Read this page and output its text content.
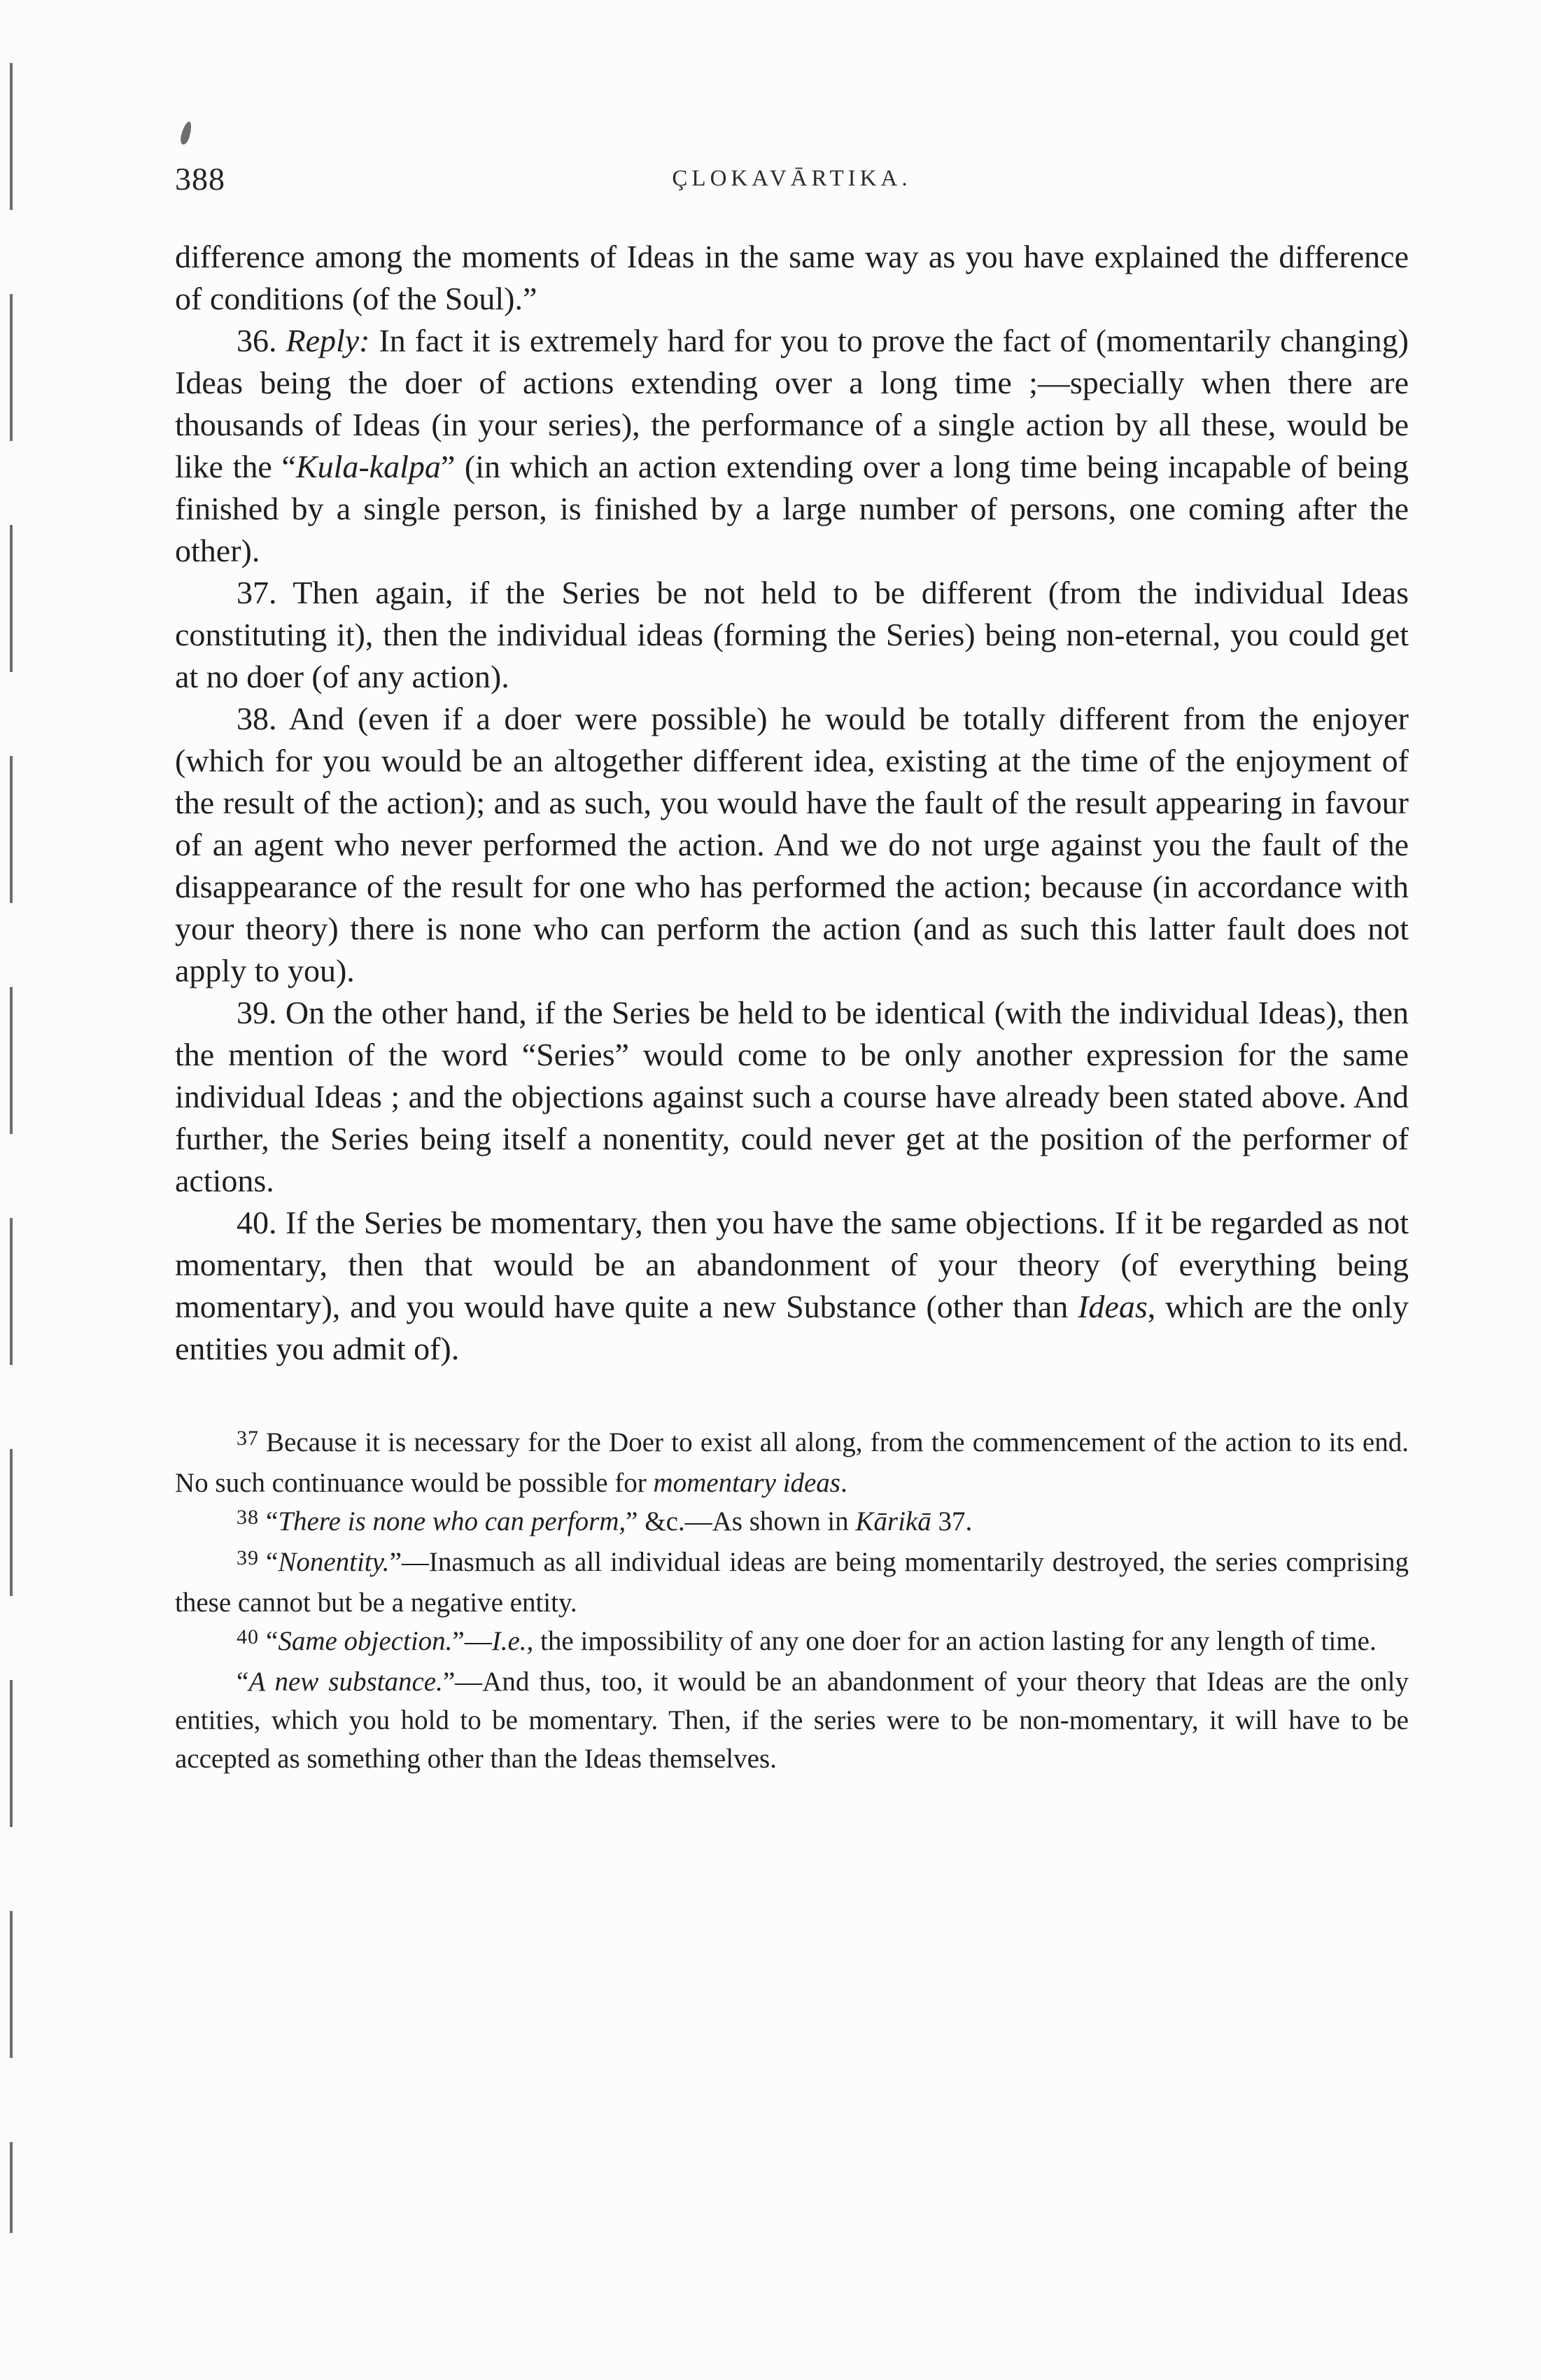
388	ÇLOKAVĀRTIKA.

difference among the moments of Ideas in the same way as you have explained the difference of conditions (of the Soul).”

36. Reply: In fact it is extremely hard for you to prove the fact of (momentarily changing) Ideas being the doer of actions extending over a long time ;—specially when there are thousands of Ideas (in your series), the performance of a single action by all these, would be like the “Kula-kalpa” (in which an action extending over a long time being incapable of being finished by a single person, is finished by a large number of persons, one coming after the other).

37. Then again, if the Series be not held to be different (from the individual Ideas constituting it), then the individual ideas (forming the Series) being non-eternal, you could get at no doer (of any action).

38. And (even if a doer were possible) he would be totally different from the enjoyer (which for you would be an altogether different idea, existing at the time of the enjoyment of the result of the action); and as such, you would have the fault of the result appearing in favour of an agent who never performed the action. And we do not urge against you the fault of the disappearance of the result for one who has performed the action; because (in accordance with your theory) there is none who can perform the action (and as such this latter fault does not apply to you).

39. On the other hand, if the Series be held to be identical (with the individual Ideas), then the mention of the word “Series” would come to be only another expression for the same individual Ideas ; and the objections against such a course have already been stated above. And further, the Series being itself a nonentity, could never get at the position of the performer of actions.

40. If the Series be momentary, then you have the same objections. If it be regarded as not momentary, then that would be an abandonment of your theory (of everything being momentary), and you would have quite a new Substance (other than Ideas, which are the only entities you admit of).

$^{37}$ Because it is necessary for the Doer to exist all along, from the commencement of the action to its end. No such continuance would be possible for momentary ideas.

$^{38}$ “There is none who can perform,” &c.—As shown in Kārikā 37.

$^{39}$ “Nonentity.”—Inasmuch as all individual ideas are being momentarily destroyed, the series comprising these cannot but be a negative entity.

$^{40}$ “Same objection.”—I.e., the impossibility of any one doer for an action lasting for any length of time.

“A new substance.”—And thus, too, it would be an abandonment of your theory that Ideas are the only entities, which you hold to be momentary. Then, if the series were to be non-momentary, it will have to be accepted as something other than the Ideas themselves.
